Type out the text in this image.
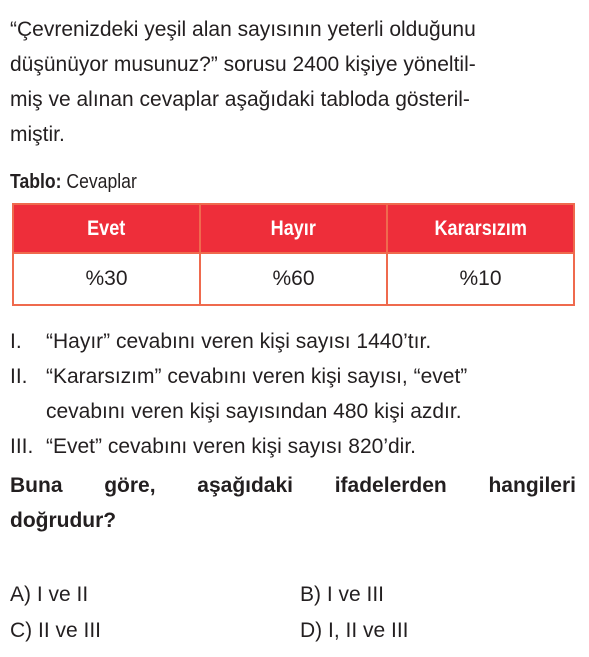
“Çevrenizdeki yeşil alan sayısının yeterli olduğunu
düşünüyor musunuz?” sorusu 2400 kişiye yöneltil-
miş ve alınan cevaplar aşağıdaki tabloda gösteril-
miştir.

Tablo: Cevaplar
Evet	Hayır	Kararsızım
%30	%60	%10
I. “Hayır” cevabını veren kişi sayısı 1440’tır.
II. “Kararsızım” cevabını veren kişi sayısı, “evet”
cevabını veren kişi sayısından 480 kişi azdır.
III. “Evet” cevabını veren kişi sayısı 820’dir.
Buna göre, aşağıdaki ifadelerden hangileri
doğrudur?
A) I ve II	B) I ve III
C) II ve III	D) I, II ve III
